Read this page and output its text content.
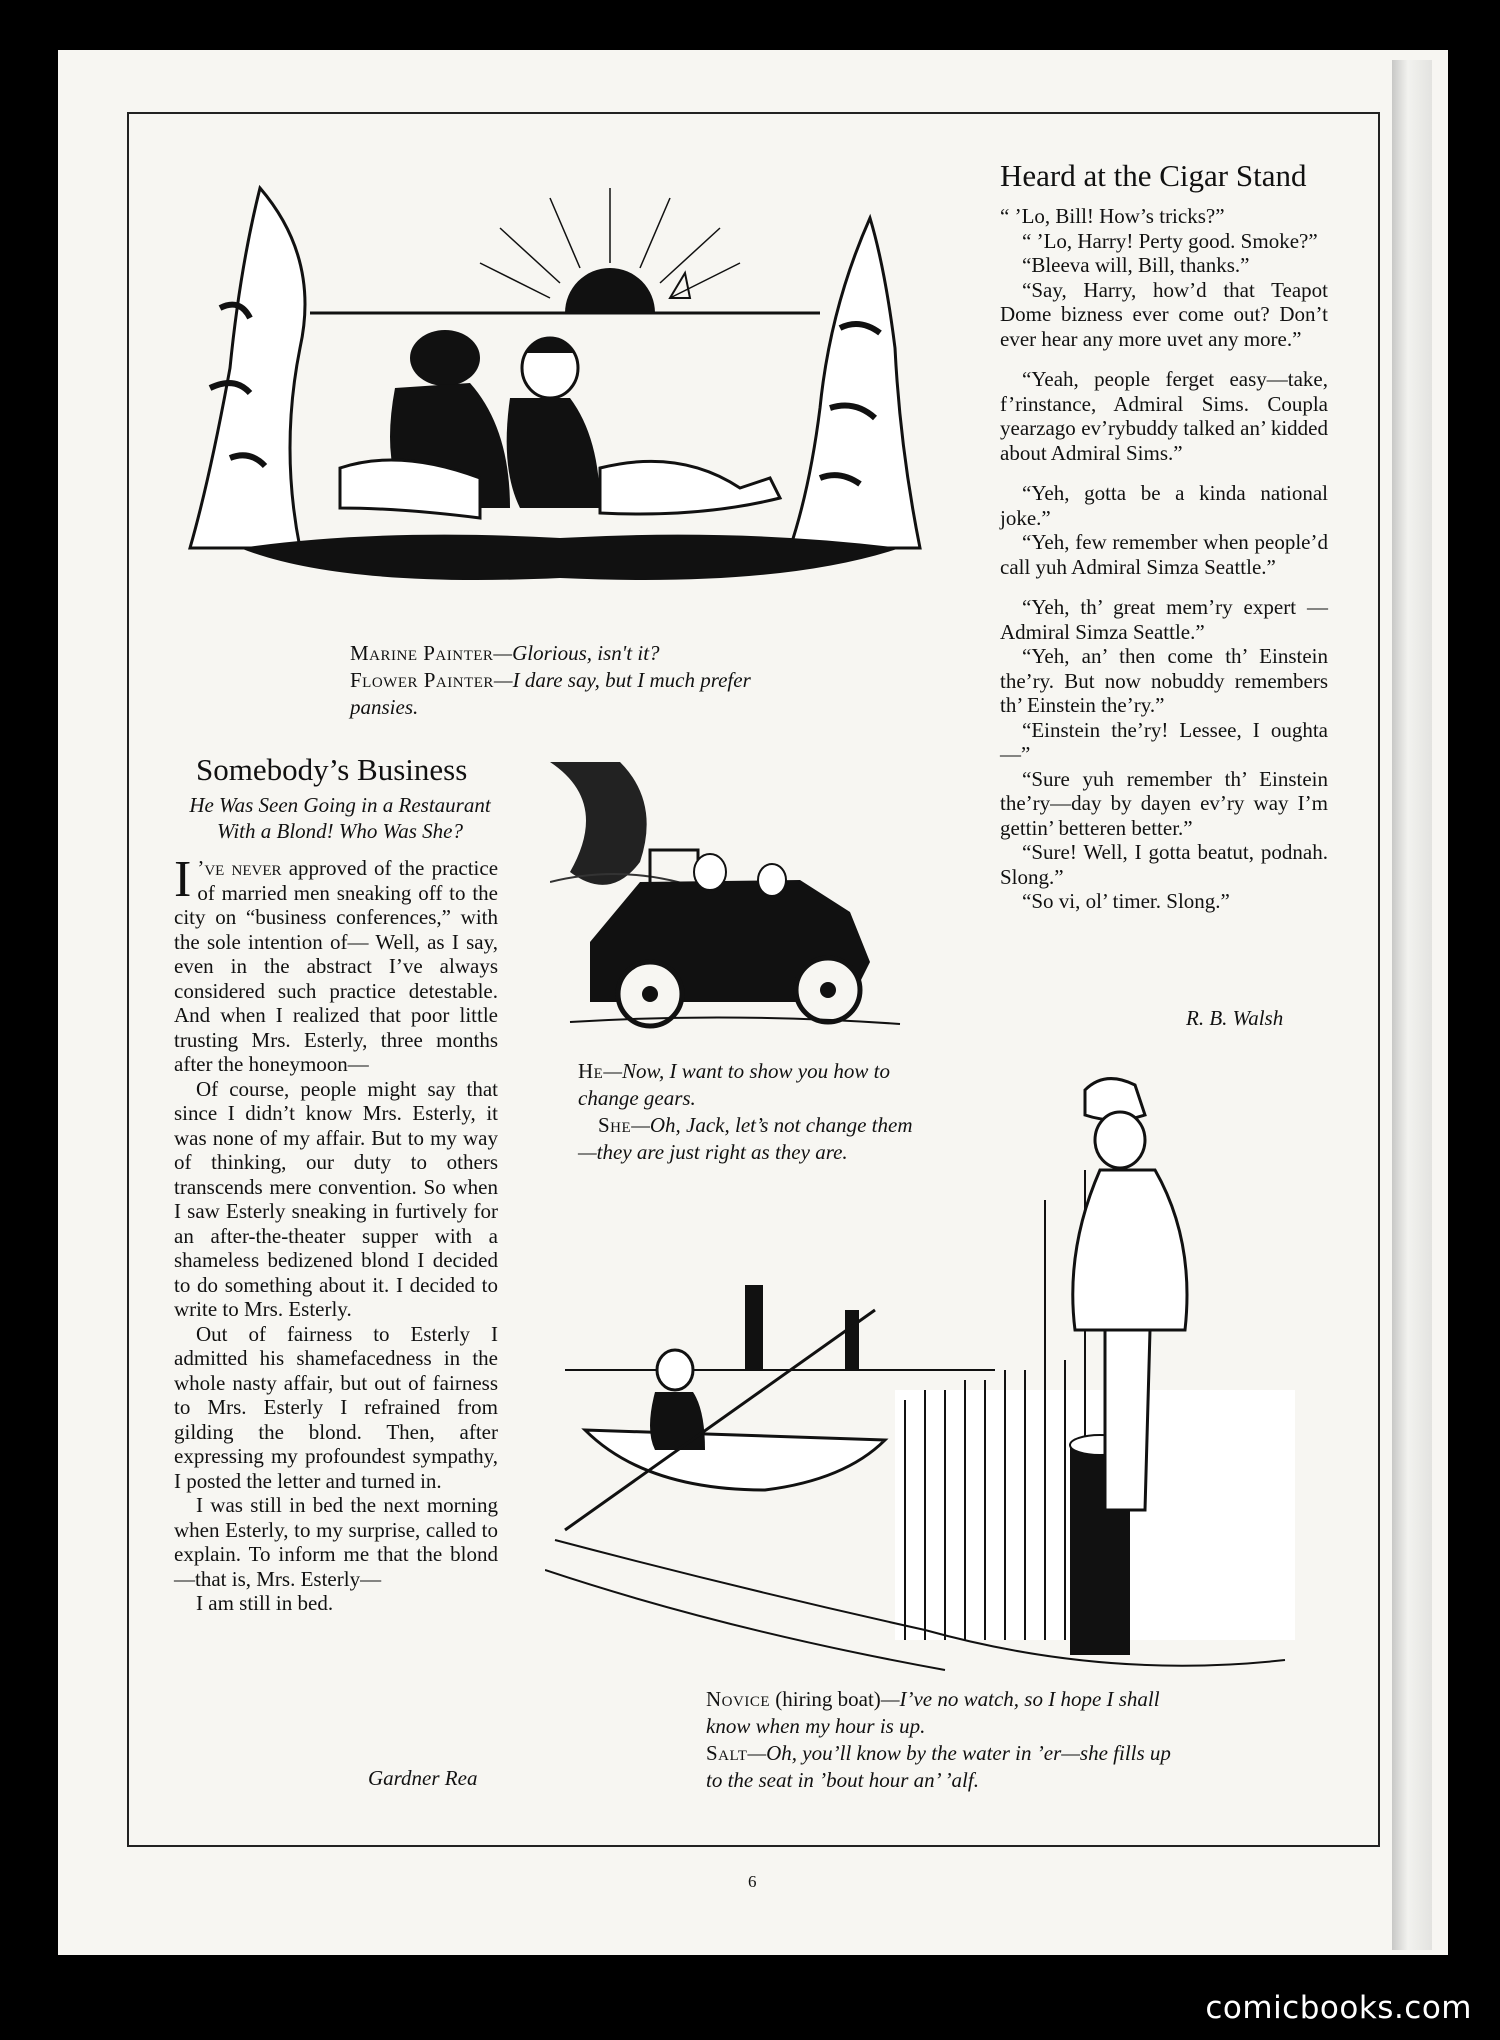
Marine Painter—Glorious, isn't it?
Flower Painter—I dare say, but I much prefer pansies.
Heard at the Cigar Stand

“ ’Lo, Bill! How’s tricks?”

“ ’Lo, Harry! Perty good. Smoke?”

“Bleeva will, Bill, thanks.”

“Say, Harry, how’d that Teapot Dome bizness ever come out? Don’t ever hear any more uvet any more.”

“Yeah, people ferget easy—take, f’rinstance, Admiral Sims. Coupla yearzago ev’rybuddy talked an’ kidded about Admiral Sims.”

“Yeh, gotta be a kinda national joke.”

“Yeh, few remember when people’d call yuh Admiral Simza Seattle.”

“Yeh, th’ great mem’ry expert —Admiral Simza Seattle.”

“Yeh, an’ then come th’ Einstein the’ry. But now nobuddy remembers th’ Einstein the’ry.”

“Einstein the’ry! Lessee, I oughta—”

“Sure yuh remember th’ Einstein the’ry—day by dayen ev’ry way I’m gettin’ betteren better.”

“Sure! Well, I gotta beatut, podnah. Slong.”

“So vi, ol’ timer. Slong.”

R. B. Walsh
Somebody’s Business
He Was Seen Going in a Restaurant
With a Blond! Who Was She?

I ’ve never approved of the practice of married men sneaking off to the city on “business conferences,” with the sole intention of— Well, as I say, even in the abstract I’ve always considered such practice detestable. And when I realized that poor little trusting Mrs. Esterly, three months after the honeymoon—

Of course, people might say that since I didn’t know Mrs. Esterly, it was none of my affair. But to my way of thinking, our duty to others transcends mere convention. So when I saw Esterly sneaking in furtively for an after-the-theater supper with a shameless bedizened blond I decided to do something about it. I decided to write to Mrs. Esterly.

Out of fairness to Esterly I admitted his shamefacedness in the whole nasty affair, but out of fairness to Mrs. Esterly I refrained from gilding the blond. Then, after expressing my profoundest sympathy, I posted the letter and turned in.

I was still in bed the next morning when Esterly, to my surprise, called to explain. To inform me that the blond—that is, Mrs. Esterly—

I am still in bed.

Gardner Rea
He—Now, I want to show you how to change gears.
She—Oh, Jack, let’s not change them—they are just right as they are.
Novice (hiring boat)—I’ve no watch, so I hope I shall know when my hour is up.
Salt—Oh, you’ll know by the water in ’er—she fills up to the seat in ’bout hour an’ ’alf.
6
comicbooks.com
